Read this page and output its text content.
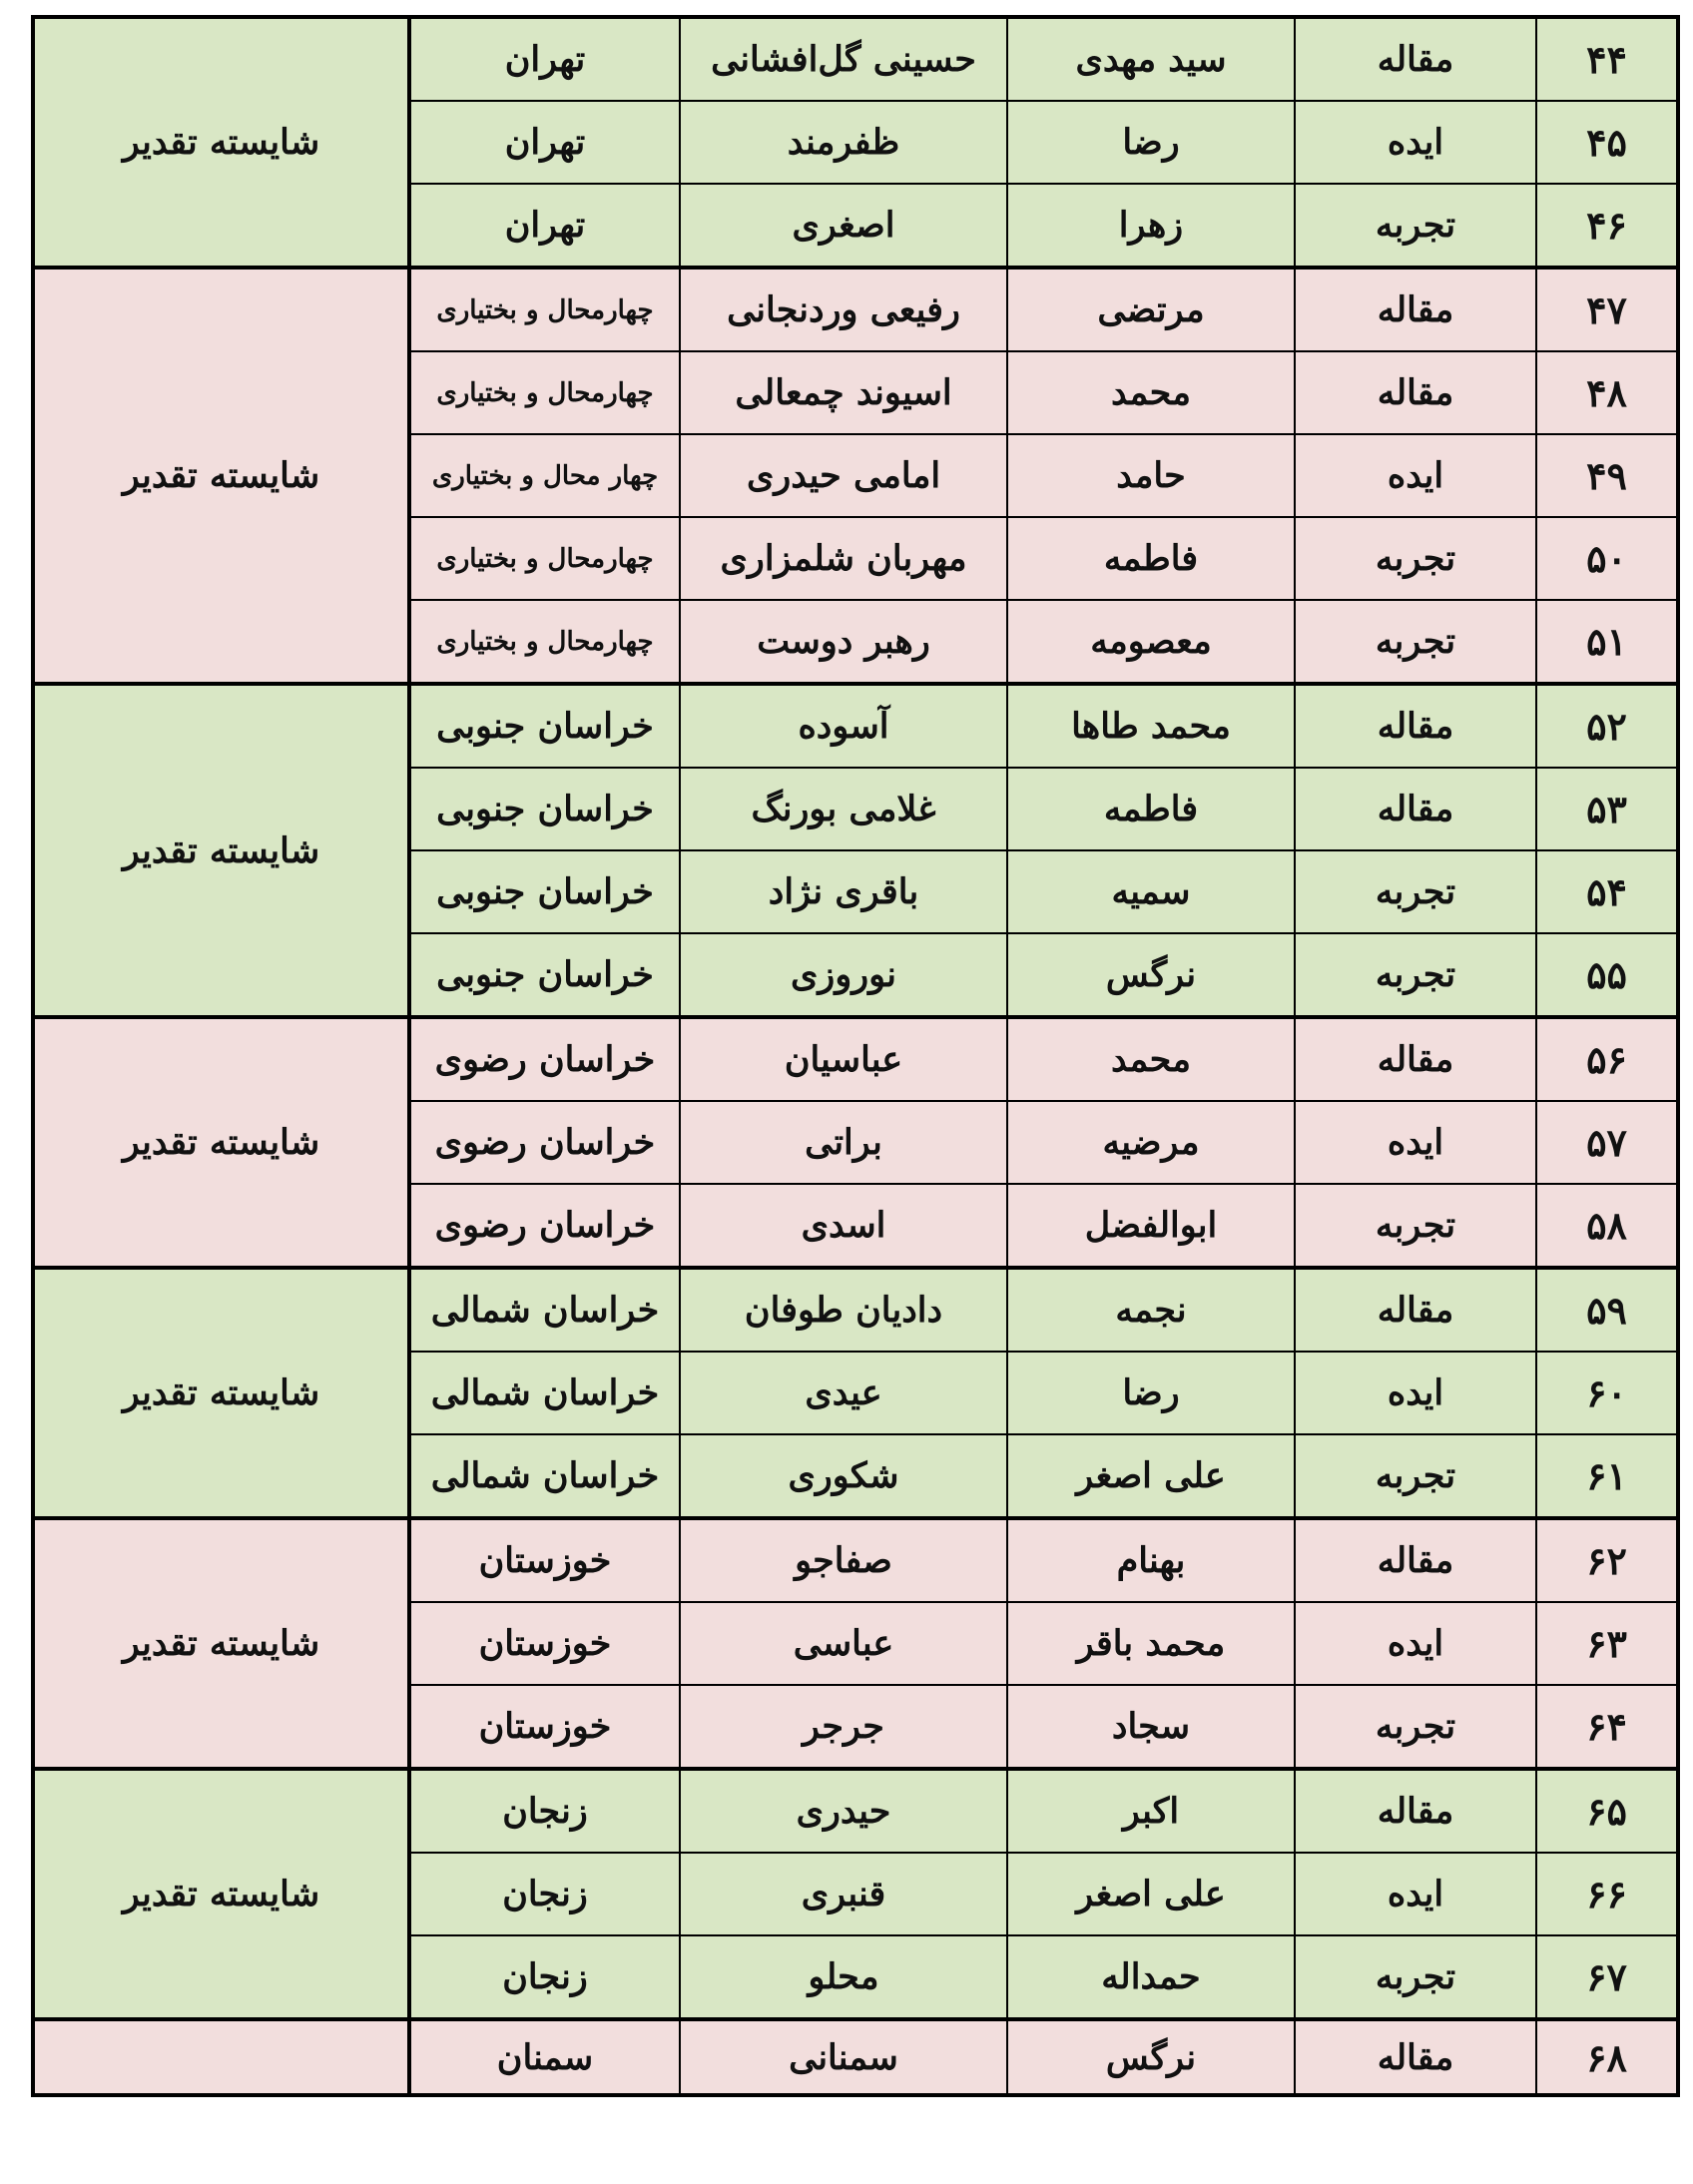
۴۴	مقاله	سید مهدی	حسینی گل‌افشانی	تهران	شایسته تقدیر
۴۵	ایده	رضا	ظفرمند	تهران	
۴۶	تجربه	زهرا	اصغری	تهران	
۴۷	مقاله	مرتضی	رفیعی وردنجانی	چهارمحال و بختیاری	شایسته تقدیر
۴۸	مقاله	محمد	اسیوند چمعالی	چهارمحال و بختیاری	
۴۹	ایده	حامد	امامی حیدری	چهار محال و بختیاری	
۵۰	تجربه	فاطمه	مهربان شلمزاری	چهارمحال و بختیاری	
۵۱	تجربه	معصومه	رهبر دوست	چهارمحال و بختیاری	
۵۲	مقاله	محمد طاها	آسوده	خراسان جنوبی	شایسته تقدیر
۵۳	مقاله	فاطمه	غلامی بورنگ	خراسان جنوبی	
۵۴	تجربه	سمیه	باقری نژاد	خراسان جنوبی	
۵۵	تجربه	نرگس	نوروزی	خراسان جنوبی	
۵۶	مقاله	محمد	عباسیان	خراسان رضوی	شایسته تقدیر
۵۷	ایده	مرضیه	براتی	خراسان رضوی	
۵۸	تجربه	ابوالفضل	اسدی	خراسان رضوی	
۵۹	مقاله	نجمه	دادیان طوفان	خراسان شمالی	شایسته تقدیر
۶۰	ایده	رضا	عیدی	خراسان شمالی	
۶۱	تجربه	علی اصغر	شکوری	خراسان شمالی	
۶۲	مقاله	بهنام	صفاجو	خوزستان	شایسته تقدیر
۶۳	ایده	محمد باقر	عباسی	خوزستان	
۶۴	تجربه	سجاد	جرجر	خوزستان	
۶۵	مقاله	اکبر	حیدری	زنجان	شایسته تقدیر
۶۶	ایده	علی اصغر	قنبری	زنجان	
۶۷	تجربه	حمداله	محلو	زنجان	
۶۸	مقاله	نرگس	سمنانی	سمنان	
